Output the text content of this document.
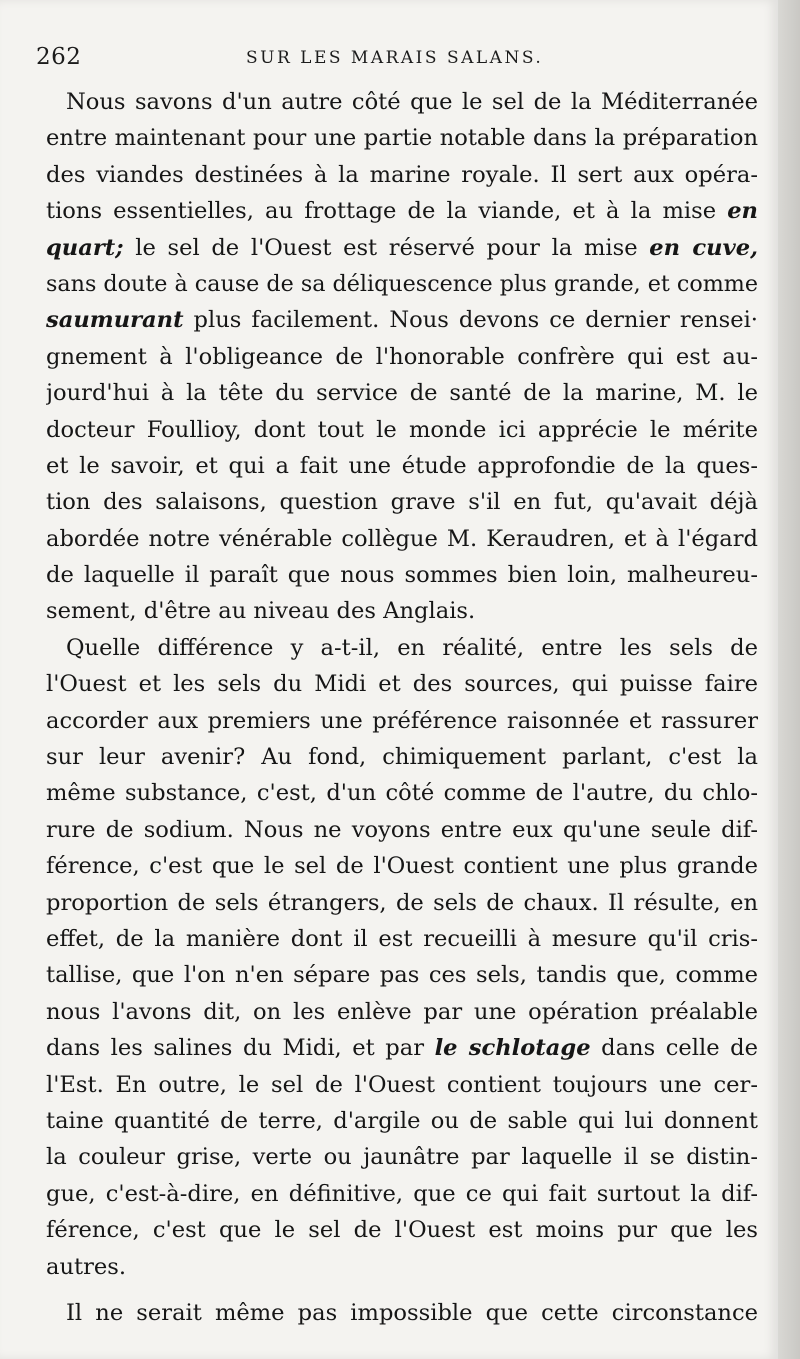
262	SUR LES MARAIS SALANS.
Nous savons d'un autre côté que le sel de la Méditerranée
entre maintenant pour une partie notable dans la préparation
des viandes destinées à la marine royale. Il sert aux opéra-
tions essentielles, au frottage de la viande, et à la mise en
quart; le sel de l'Ouest est réservé pour la mise en cuve,
sans doute à cause de sa déliquescence plus grande, et comme
saumurant plus facilement. Nous devons ce dernier rensei·
gnement à l'obligeance de l'honorable confrère qui est au-
jourd'hui à la tête du service de santé de la marine, M. le
docteur Foullioy, dont tout le monde ici apprécie le mérite
et le savoir, et qui a fait une étude approfondie de la ques-
tion des salaisons, question grave s'il en fut, qu'avait déjà
abordée notre vénérable collègue M. Keraudren, et à l'égard
de laquelle il paraît que nous sommes bien loin, malheureu-
sement, d'être au niveau des Anglais.
Quelle différence y a-t-il, en réalité, entre les sels de
l'Ouest et les sels du Midi et des sources, qui puisse faire
accorder aux premiers une préférence raisonnée et rassurer
sur leur avenir? Au fond, chimiquement parlant, c'est la
même substance, c'est, d'un côté comme de l'autre, du chlo-
rure de sodium. Nous ne voyons entre eux qu'une seule dif-
férence, c'est que le sel de l'Ouest contient une plus grande
proportion de sels étrangers, de sels de chaux. Il résulte, en
effet, de la manière dont il est recueilli à mesure qu'il cris-
tallise, que l'on n'en sépare pas ces sels, tandis que, comme
nous l'avons dit, on les enlève par une opération préalable
dans les salines du Midi, et par le schlotage dans celle de
l'Est. En outre, le sel de l'Ouest contient toujours une cer-
taine quantité de terre, d'argile ou de sable qui lui donnent
la couleur grise, verte ou jaunâtre par laquelle il se distin-
gue, c'est-à-dire, en définitive, que ce qui fait surtout la dif-
férence, c'est que le sel de l'Ouest est moins pur que les
autres.
Il ne serait même pas impossible que cette circonstance
